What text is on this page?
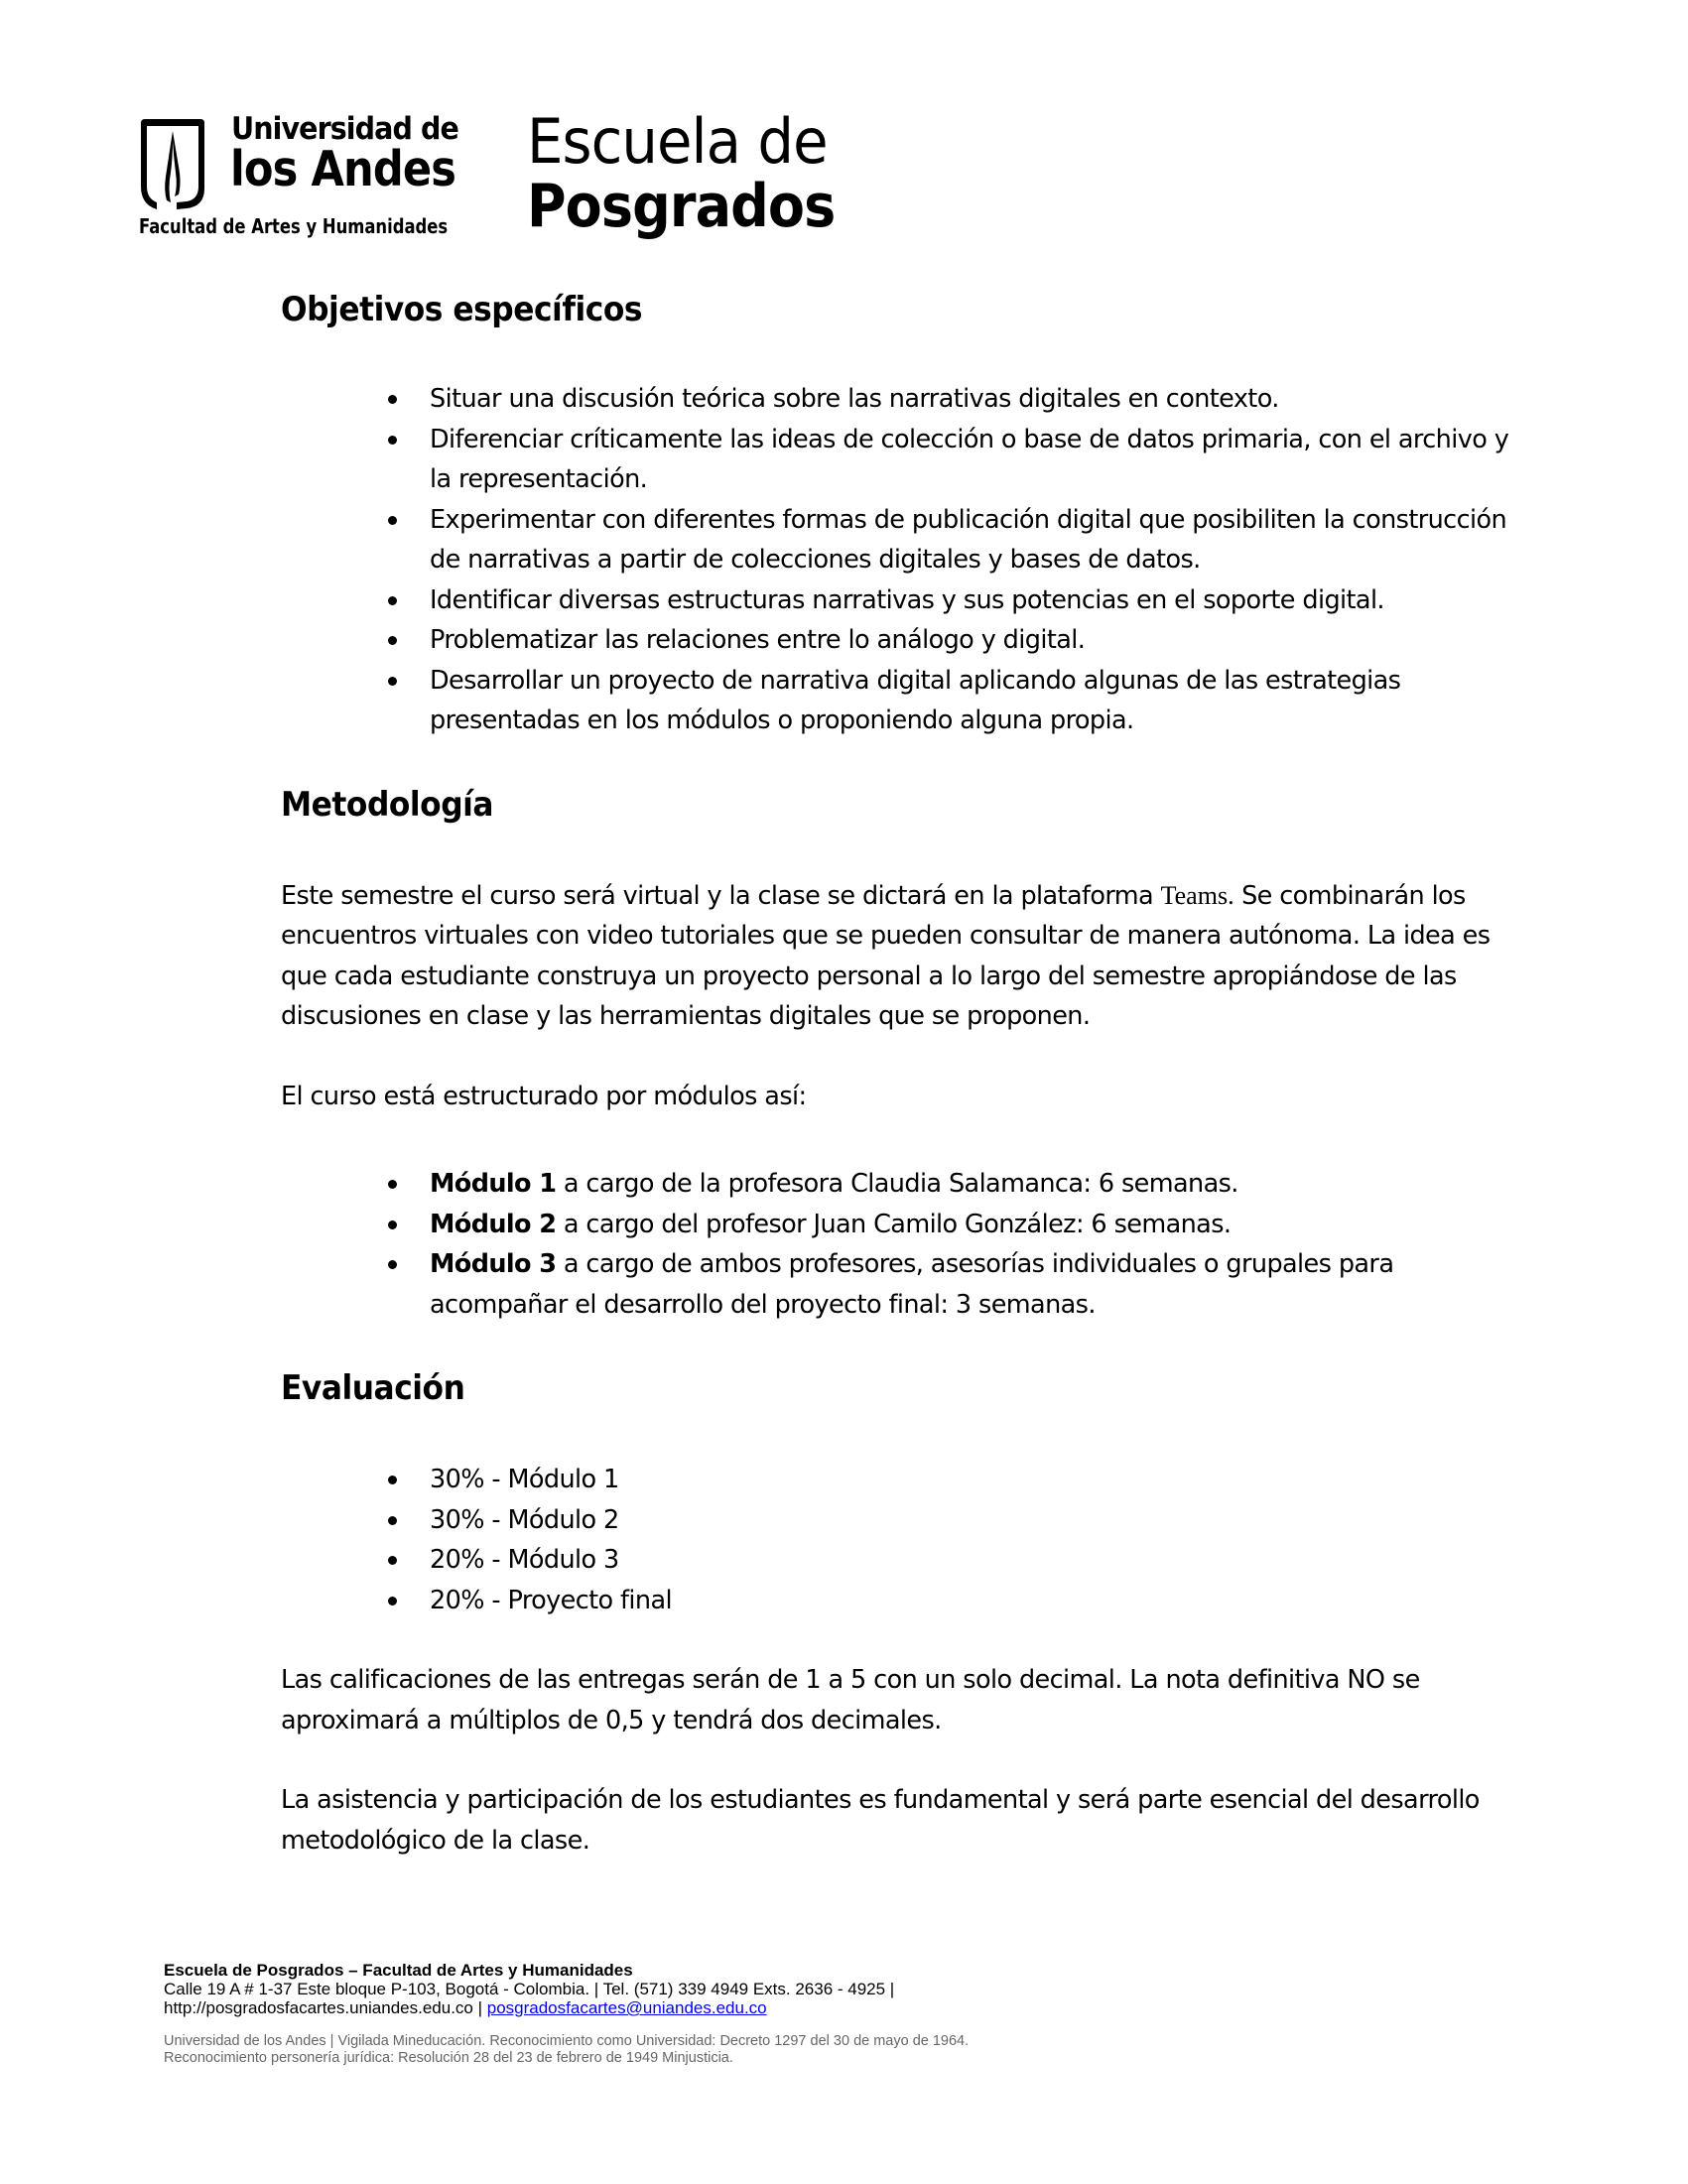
Universidad de
los Andes
Facultad de Artes y Humanidades
Escuela de
Posgrados
Objetivos específicos
Situar una discusión teórica sobre las narrativas digitales en contexto.
Diferenciar críticamente las ideas de colección o base de datos primaria, con el archivo y la representación.
Experimentar con diferentes formas de publicación digital que posibiliten la construcción de narrativas a partir de colecciones digitales y bases de datos.
Identificar diversas estructuras narrativas y sus potencias en el soporte digital.
Problematizar las relaciones entre lo análogo y digital.
Desarrollar un proyecto de narrativa digital aplicando algunas de las estrategias presentadas en los módulos o proponiendo alguna propia.
Metodología

Este semestre el curso será virtual y la clase se dictará en la plataforma Teams. Se combinarán los encuentros virtuales con video tutoriales que se pueden consultar de manera autónoma. La idea es que cada estudiante construya un proyecto personal a lo largo del semestre apropiándose de las discusiones en clase y las herramientas digitales que se proponen.

El curso está estructurado por módulos así:

Módulo 1 a cargo de la profesora Claudia Salamanca: 6 semanas.
Módulo 2 a cargo del profesor Juan Camilo González: 6 semanas.
Módulo 3 a cargo de ambos profesores, asesorías individuales o grupales para acompañar el desarrollo del proyecto final: 3 semanas.
Evaluación
30% - Módulo 1
30% - Módulo 2
20% - Módulo 3
20% - Proyecto final

Las calificaciones de las entregas serán de 1 a 5 con un solo decimal. La nota definitiva NO se aproximará a múltiplos de 0,5 y tendrá dos decimales.

La asistencia y participación de los estudiantes es fundamental y será parte esencial del desarrollo metodológico de la clase.

Escuela de Posgrados – Facultad de Artes y Humanidades
Calle 19 A # 1-37 Este bloque P-103, Bogotá - Colombia. | Tel. (571) 339 4949 Exts. 2636 - 4925 |
http://posgradosfacartes.uniandes.edu.co | posgradosfacartes@uniandes.edu.co
Universidad de los Andes | Vigilada Mineducación. Reconocimiento como Universidad: Decreto 1297 del 30 de mayo de 1964.
Reconocimiento personería jurídica: Resolución 28 del 23 de febrero de 1949 Minjusticia.
